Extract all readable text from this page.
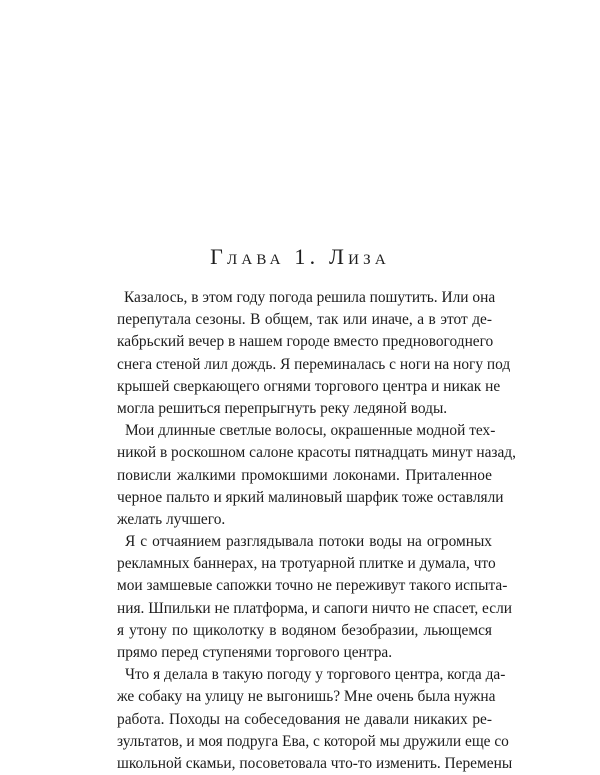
Глава 1. Лиза
Казалось, в этом году погода решила пошутить. Или она
перепутала сезоны. В общем, так или иначе, а в этот де-
кабрьский вечер в нашем городе вместо предновогоднего
снега стеной лил дождь. Я переминалась с ноги на ногу под
крышей сверкающего огнями торгового центра и никак не
могла решиться перепрыгнуть реку ледяной воды.
Мои длинные светлые волосы, окрашенные модной тех-
никой в роскошном салоне красоты пятнадцать минут назад,
повисли жалкими промокшими локонами. Приталенное
черное пальто и яркий малиновый шарфик тоже оставляли
желать лучшего.
Я с отчаянием разглядывала потоки воды на огромных
рекламных баннерах, на тротуарной плитке и думала, что
мои замшевые сапожки точно не переживут такого испыта-
ния. Шпильки не платформа, и сапоги ничто не спасет, если
я утону по щиколотку в водяном безобразии, льющемся
прямо перед ступенями торгового центра.
Что я делала в такую погоду у торгового центра, когда да-
же собаку на улицу не выгонишь? Мне очень была нужна
работа. Походы на собеседования не давали никаких ре-
зультатов, и моя подруга Ева, с которой мы дружили еще со
школьной скамьи, посоветовала что-то изменить. Перемены
